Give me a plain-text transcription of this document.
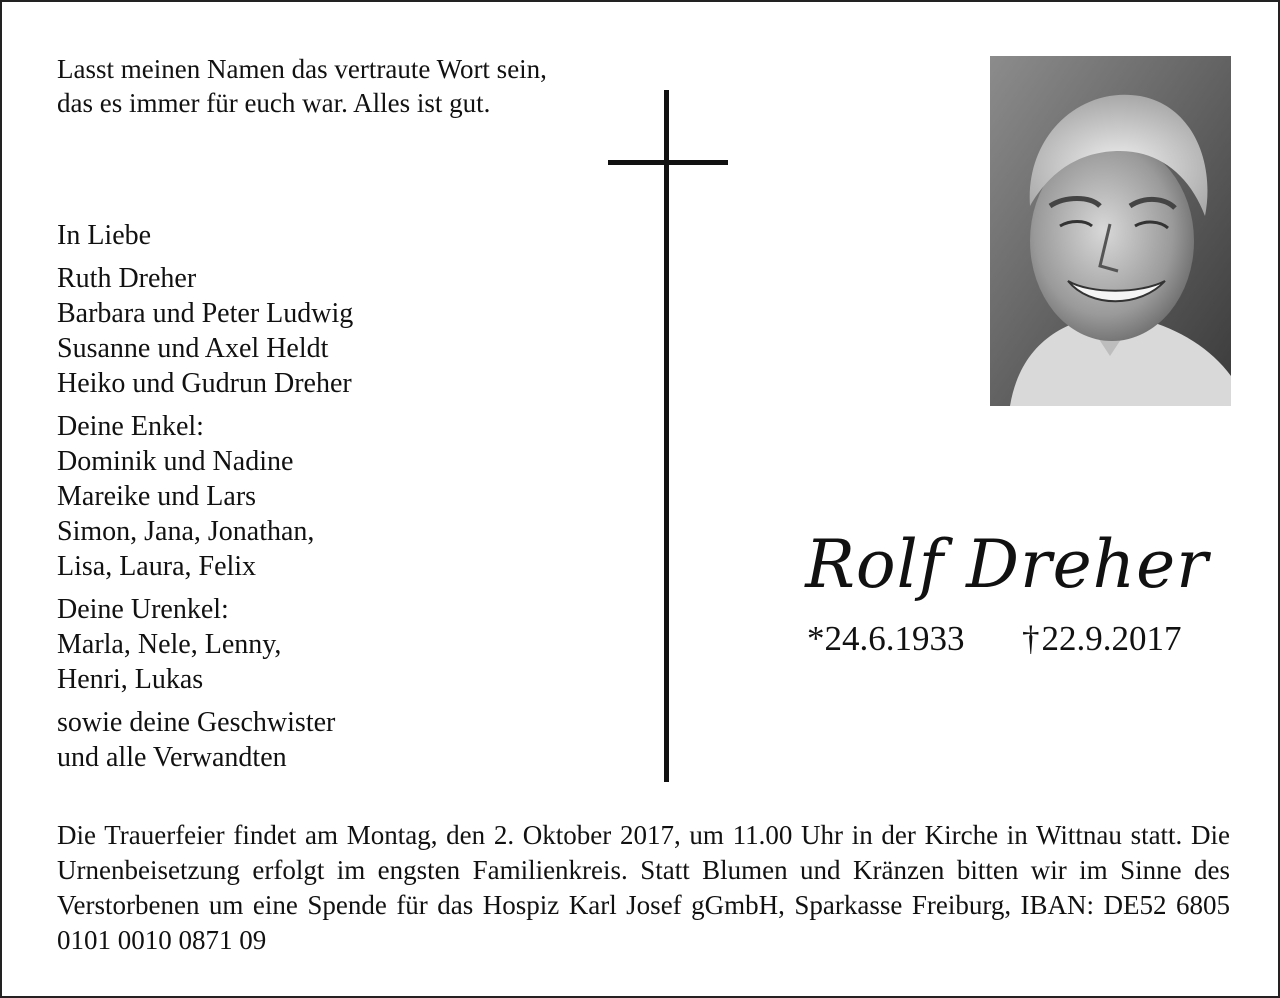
Lasst meinen Namen das vertraute Wort sein,
das es immer für euch war. Alles ist gut.
In Liebe
Ruth Dreher
Barbara und Peter Ludwig
Susanne und Axel Heldt
Heiko und Gudrun Dreher
Deine Enkel:
Dominik und Nadine
Mareike und Lars
Simon, Jana, Jonathan,
Lisa, Laura, Felix
Deine Urenkel:
Marla, Nele, Lenny,
Henri, Lukas
sowie deine Geschwister
und alle Verwandten
Rolf Dreher
*24.6.1933 †22.9.2017

Die Trauerfeier findet am Montag, den 2. Oktober 2017, um 11.00 Uhr in der Kirche in Wittnau statt. Die Urnenbeisetzung erfolgt im engsten Familienkreis. Statt Blumen und Kränzen bitten wir im Sinne des Verstorbenen um eine Spende für das Hospiz Karl Josef gGmbH, Sparkasse Freiburg, IBAN: DE52 6805 0101 0010 0871 09
